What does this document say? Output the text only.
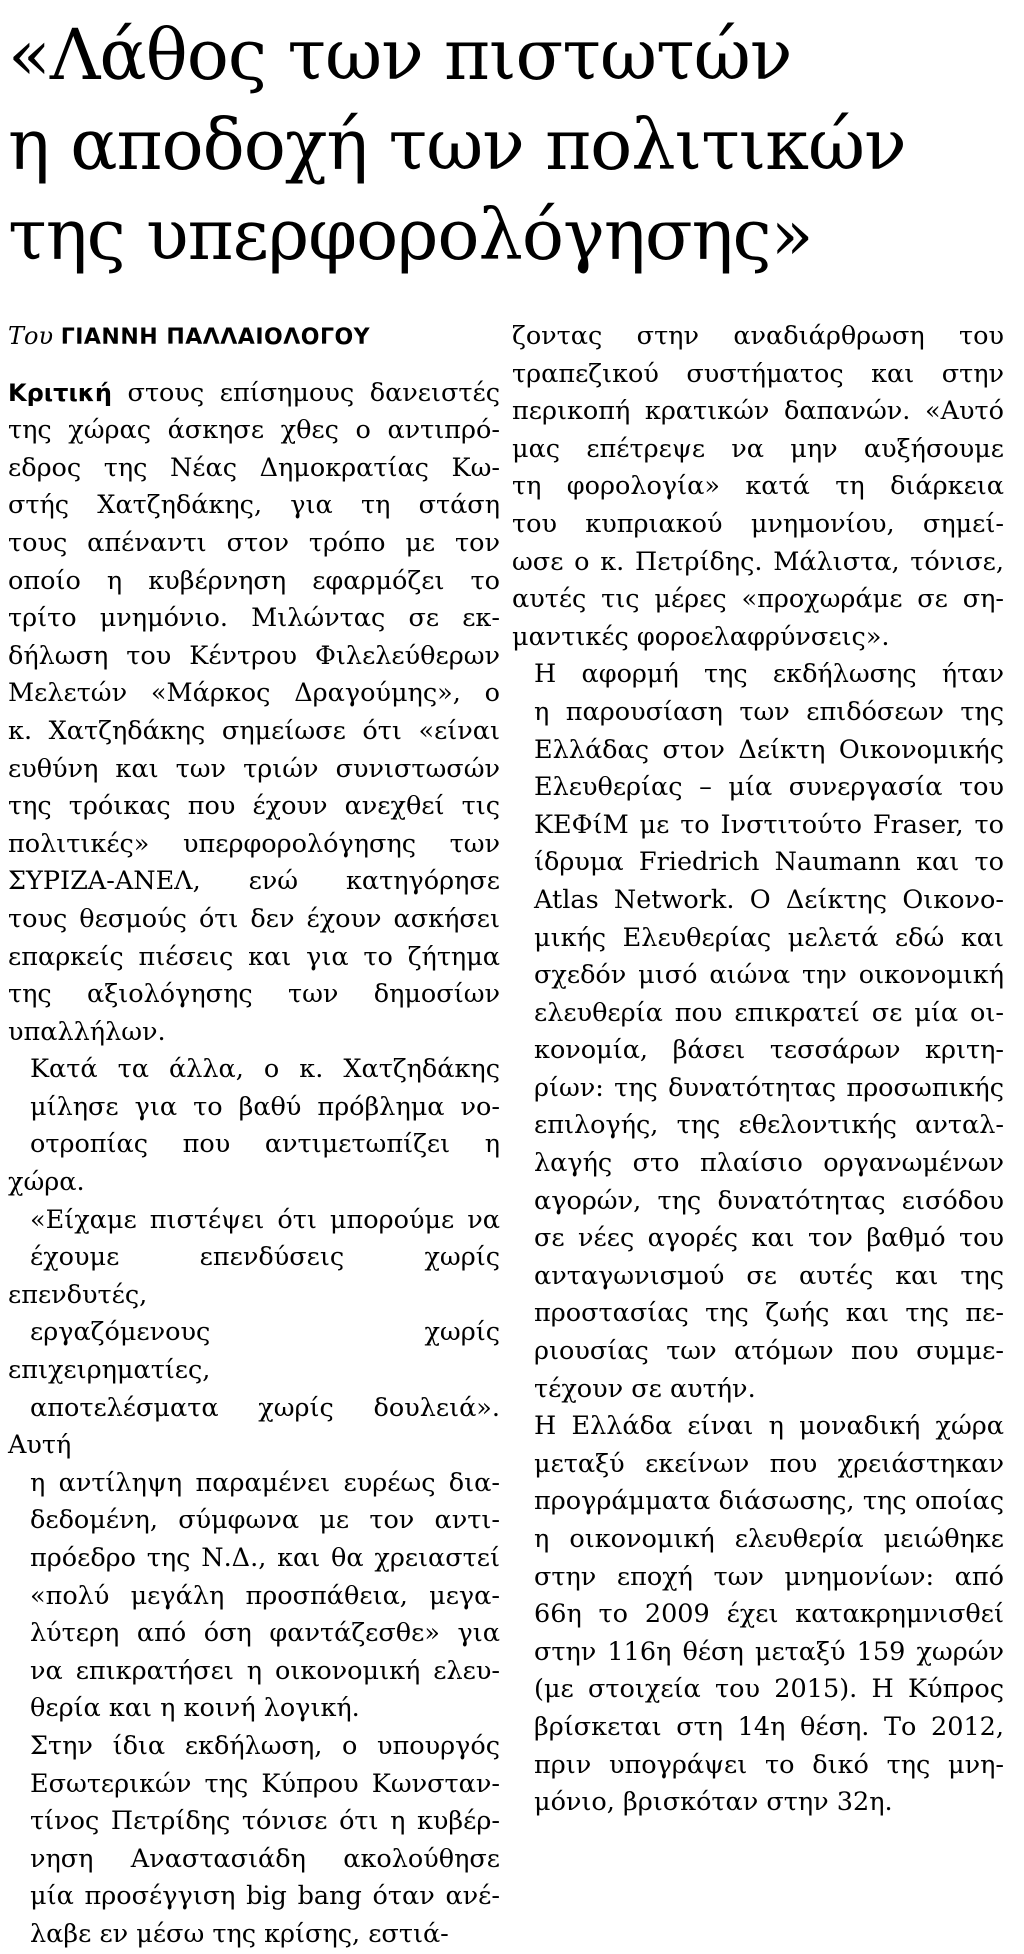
«Λάθος των πιστωτών
η αποδοχή των πολιτικών
της υπερφορολόγησης»

Του ΓΙΑΝΝΗ ΠΑΛΛΑΙΟΛΟΓΟΥ

Κριτική στους επίσημους δανειστές
της χώρας άσκησε χθες ο αντιπρό-
εδρος της Νέας Δημοκρατίας Κω-
στής Χατζηδάκης, για τη στάση
τους απέναντι στον τρόπο με τον
οποίο η κυβέρνηση εφαρμόζει το
τρίτο μνημόνιο. Μιλώντας σε εκ-
δήλωση του Κέντρου Φιλελεύθερων
Μελετών «Μάρκος Δραγούμης», ο
κ. Χατζηδάκης σημείωσε ότι «είναι
ευθύνη και των τριών συνιστωσών
της τρόικας που έχουν ανεχθεί τις
πολιτικές» υπερφορολόγησης των
ΣΥΡΙΖΑ-ΑΝΕΛ, ενώ κατηγόρησε
τους θεσμούς ότι δεν έχουν ασκήσει
επαρκείς πιέσεις και για το ζήτημα
της αξιολόγησης των δημοσίων
υπαλλήλων.

Κατά τα άλλα, ο κ. Χατζηδάκης
μίλησε για το βαθύ πρόβλημα νο-
οτροπίας που αντιμετωπίζει η χώρα.
«Είχαμε πιστέψει ότι μπορούμε να
έχουμε επενδύσεις χωρίς επενδυτές,
εργαζόμενους χωρίς επιχειρηματίες,
αποτελέσματα χωρίς δουλειά». Αυτή
η αντίληψη παραμένει ευρέως δια-
δεδομένη, σύμφωνα με τον αντι-
πρόεδρο της Ν.Δ., και θα χρειαστεί
«πολύ μεγάλη προσπάθεια, μεγα-
λύτερη από όση φαντάζεσθε» για
να επικρατήσει η οικονομική ελευ-
θερία και η κοινή λογική.

Στην ίδια εκδήλωση, ο υπουργός
Εσωτερικών της Κύπρου Κωνσταν-
τίνος Πετρίδης τόνισε ότι η κυβέρ-
νηση Αναστασιάδη ακολούθησε
μία προσέγγιση big bang όταν ανέ-
λαβε εν μέσω της κρίσης, εστιά-

ζοντας στην αναδιάρθρωση του
τραπεζικού συστήματος και στην
περικοπή κρατικών δαπανών. «Αυτό
μας επέτρεψε να μην αυξήσουμε
τη φορολογία» κατά τη διάρκεια
του κυπριακού μνημονίου, σημεί-
ωσε ο κ. Πετρίδης. Μάλιστα, τόνισε,
αυτές τις μέρες «προχωράμε σε ση-
μαντικές φοροελαφρύνσεις».

Η αφορμή της εκδήλωσης ήταν
η παρουσίαση των επιδόσεων της
Ελλάδας στον Δείκτη Οικονομικής
Ελευθερίας – μία συνεργασία του
ΚΕΦίΜ με το Ινστιτούτο Fraser, το
ίδρυμα Friedrich Naumann και το
Atlas Network. Ο Δείκτης Οικονο-
μικής Ελευθερίας μελετά εδώ και
σχεδόν μισό αιώνα την οικονομική
ελευθερία που επικρατεί σε μία οι-
κονομία, βάσει τεσσάρων κριτη-
ρίων: της δυνατότητας προσωπικής
επιλογής, της εθελοντικής ανταλ-
λαγής στο πλαίσιο οργανωμένων
αγορών, της δυνατότητας εισόδου
σε νέες αγορές και τον βαθμό του
ανταγωνισμού σε αυτές και της
προστασίας της ζωής και της πε-
ριουσίας των ατόμων που συμμε-
τέχουν σε αυτήν.

Η Ελλάδα είναι η μοναδική χώρα
μεταξύ εκείνων που χρειάστηκαν
προγράμματα διάσωσης, της οποίας
η οικονομική ελευθερία μειώθηκε
στην εποχή των μνημονίων: από
66η το 2009 έχει κατακρημνισθεί
στην 116η θέση μεταξύ 159 χωρών
(με στοιχεία του 2015). Η Κύπρος
βρίσκεται στη 14η θέση. Το 2012,
πριν υπογράψει το δικό της μνη-
μόνιο, βρισκόταν στην 32η.
